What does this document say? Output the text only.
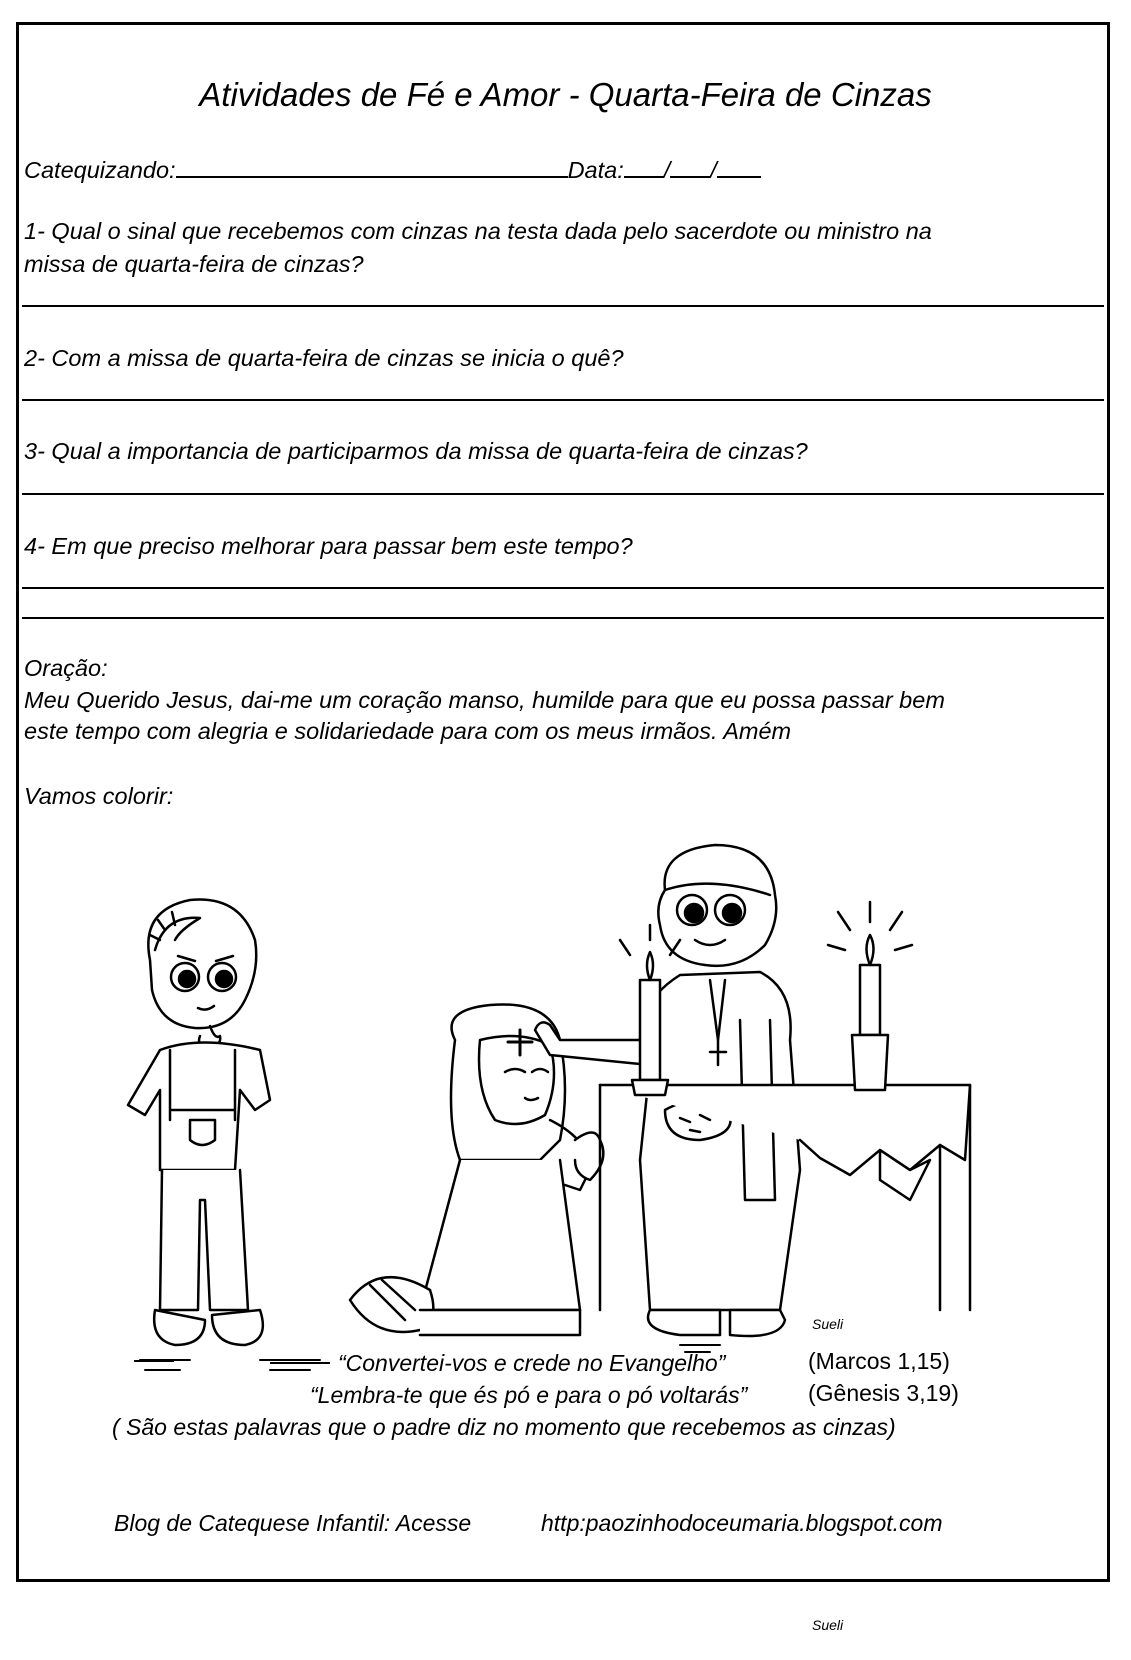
Atividades de Fé e Amor - Quarta-Feira de Cinzas
Catequizando:	Data: / /
1- Qual o sinal que recebemos com cinzas na testa dada pelo sacerdote ou ministro na
missa de quarta-feira de cinzas?
2- Com a missa de quarta-feira de cinzas se inicia o quê?
3- Qual a importancia de participarmos da missa de quarta-feira de cinzas?
4- Em que preciso melhorar para passar bem este tempo?
Oração:
Meu Querido Jesus, dai-me um coração manso, humilde para que eu possa passar bem
este tempo com alegria e solidariedade para com os meus irmãos. Amém
Vamos colorir:
Sueli
Sueli
“Convertei-vos e crede no Evangelho”	(Marcos 1,15)
“Lembra-te que és pó e para o pó voltarás”	(Gênesis 3,19)
( São estas palavras que o padre diz no momento que recebemos as cinzas)
Blog de Catequese Infantil: Acesse	http:paozinhodoceumaria.blogspot.com
